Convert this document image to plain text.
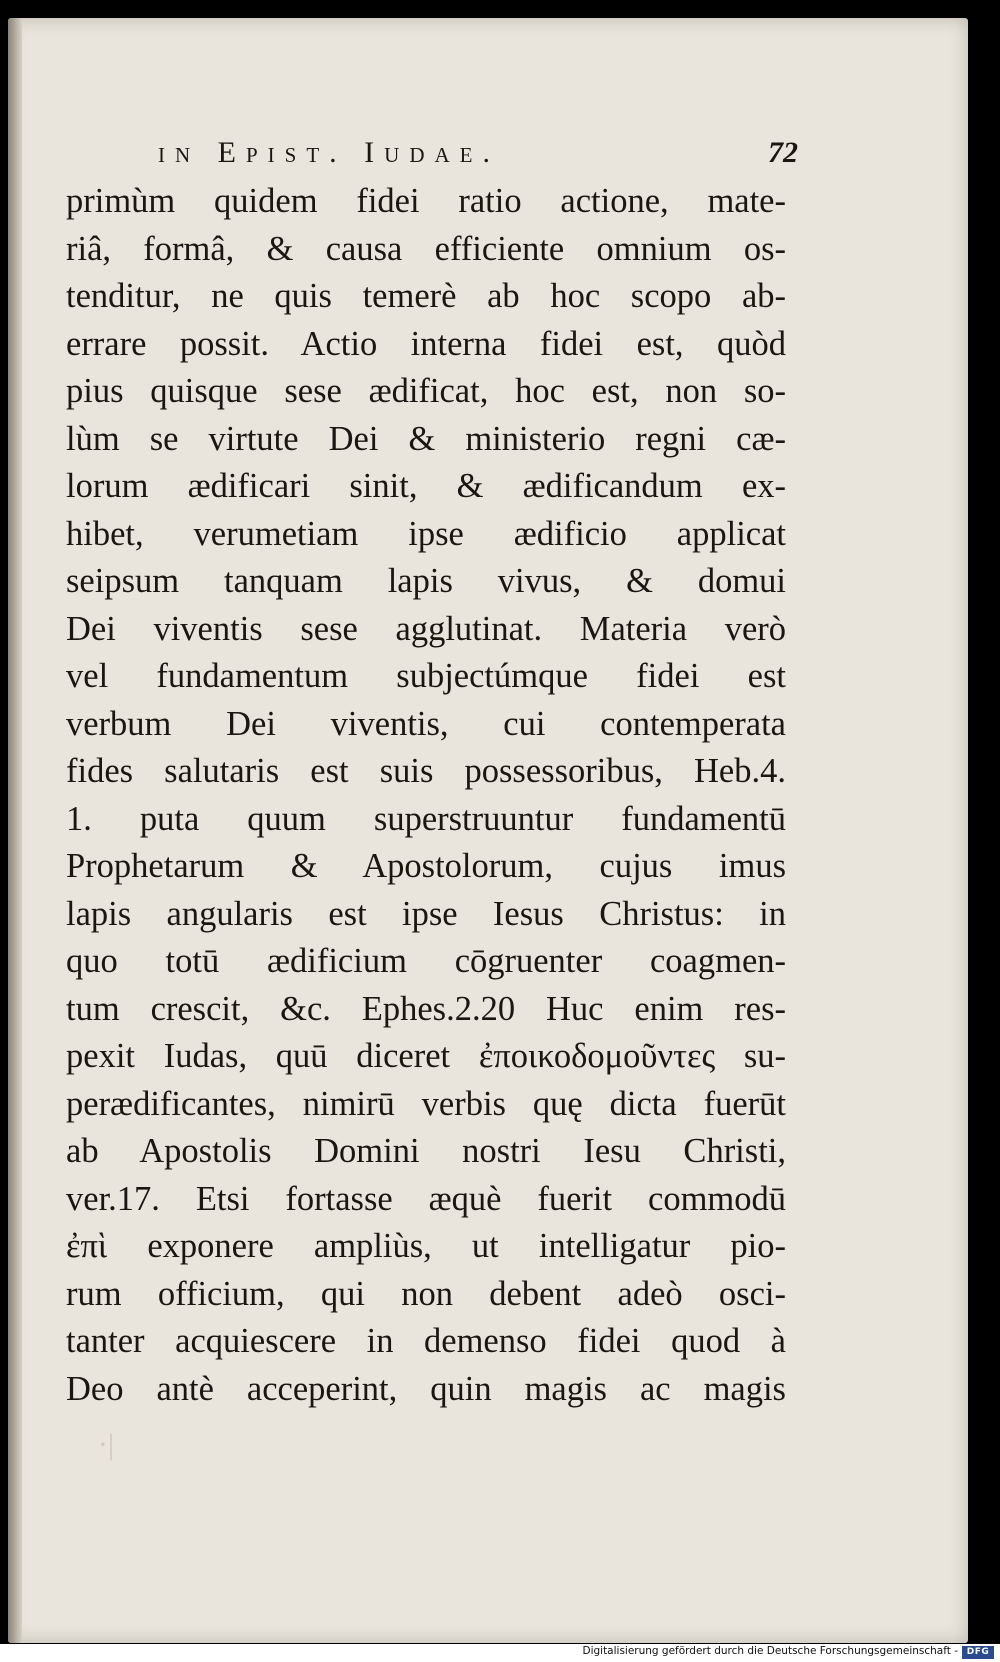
in Epist. Iudae.	72
primùm quidem fidei ratio actione, mate-
riâ, formâ, & causa efficiente omnium os-
tenditur, ne quis temerè ab hoc scopo ab-
errare possit. Actio interna fidei est, quòd
pius quisque sese ædificat, hoc est, non so-
lùm se virtute Dei & ministerio regni cæ-
lorum ædificari sinit, & ædificandum ex-
hibet, verumetiam ipse ædificio applicat
seipsum tanquam lapis vivus, & domui
Dei viventis sese agglutinat. Materia verò
vel fundamentum subjectúmque fidei est
verbum Dei viventis, cui contemperata
fides salutaris est suis possessoribus, Heb.4.
1. puta quum superstruuntur fundamentū
Prophetarum & Apostolorum, cujus imus
lapis angularis est ipse Iesus Christus: in
quo totū ædificium cōgruenter coagmen-
tum crescit, &c. Ephes.2.20 Huc enim res-
pexit Iudas, quū diceret ἐποικοδομοῦντες su-
perædificantes, nimirū verbis quę dicta fuerūt
ab Apostolis Domini nostri Iesu Christi,
ver.17. Etsi fortasse æquè fuerit commodū
ἐπὶ exponere ampliùs, ut intelligatur pio-
rum officium, qui non debent adeò osci-
tanter acquiescere in demenso fidei quod à
Deo antè acceperint, quin magis ac magis
·|
Digitalisierung gefördert durch die Deutsche Forschungsgemeinschaft - DFG
